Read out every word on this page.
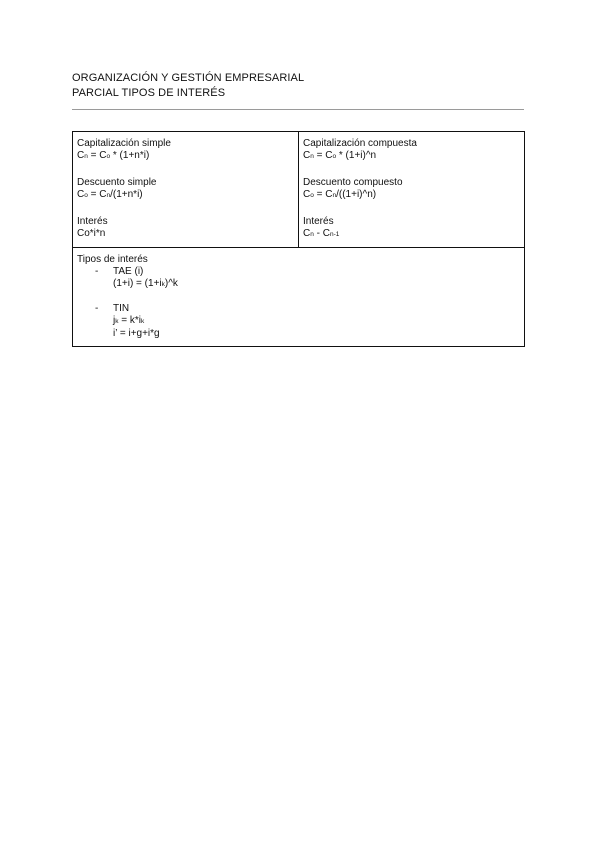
ORGANIZACIÓN Y GESTIÓN EMPRESARIAL
PARCIAL TIPOS DE INTERÉS
Capitalización simple
Cn = Co * (1+n*i)
Descuento simple
Co = Cn/(1+n*i)
Interés
Co*i*n

Capitalización compuesta
Cn = Co * (1+i)^n
Descuento compuesto
Co = Cn/((1+i)^n)
Interés
Cn - Cn-1

Tipos de interés
- TAE (i)
(1+i) = (1+ik)^k
- TIN
jk = k*ik
i’ = i+g+i*g
